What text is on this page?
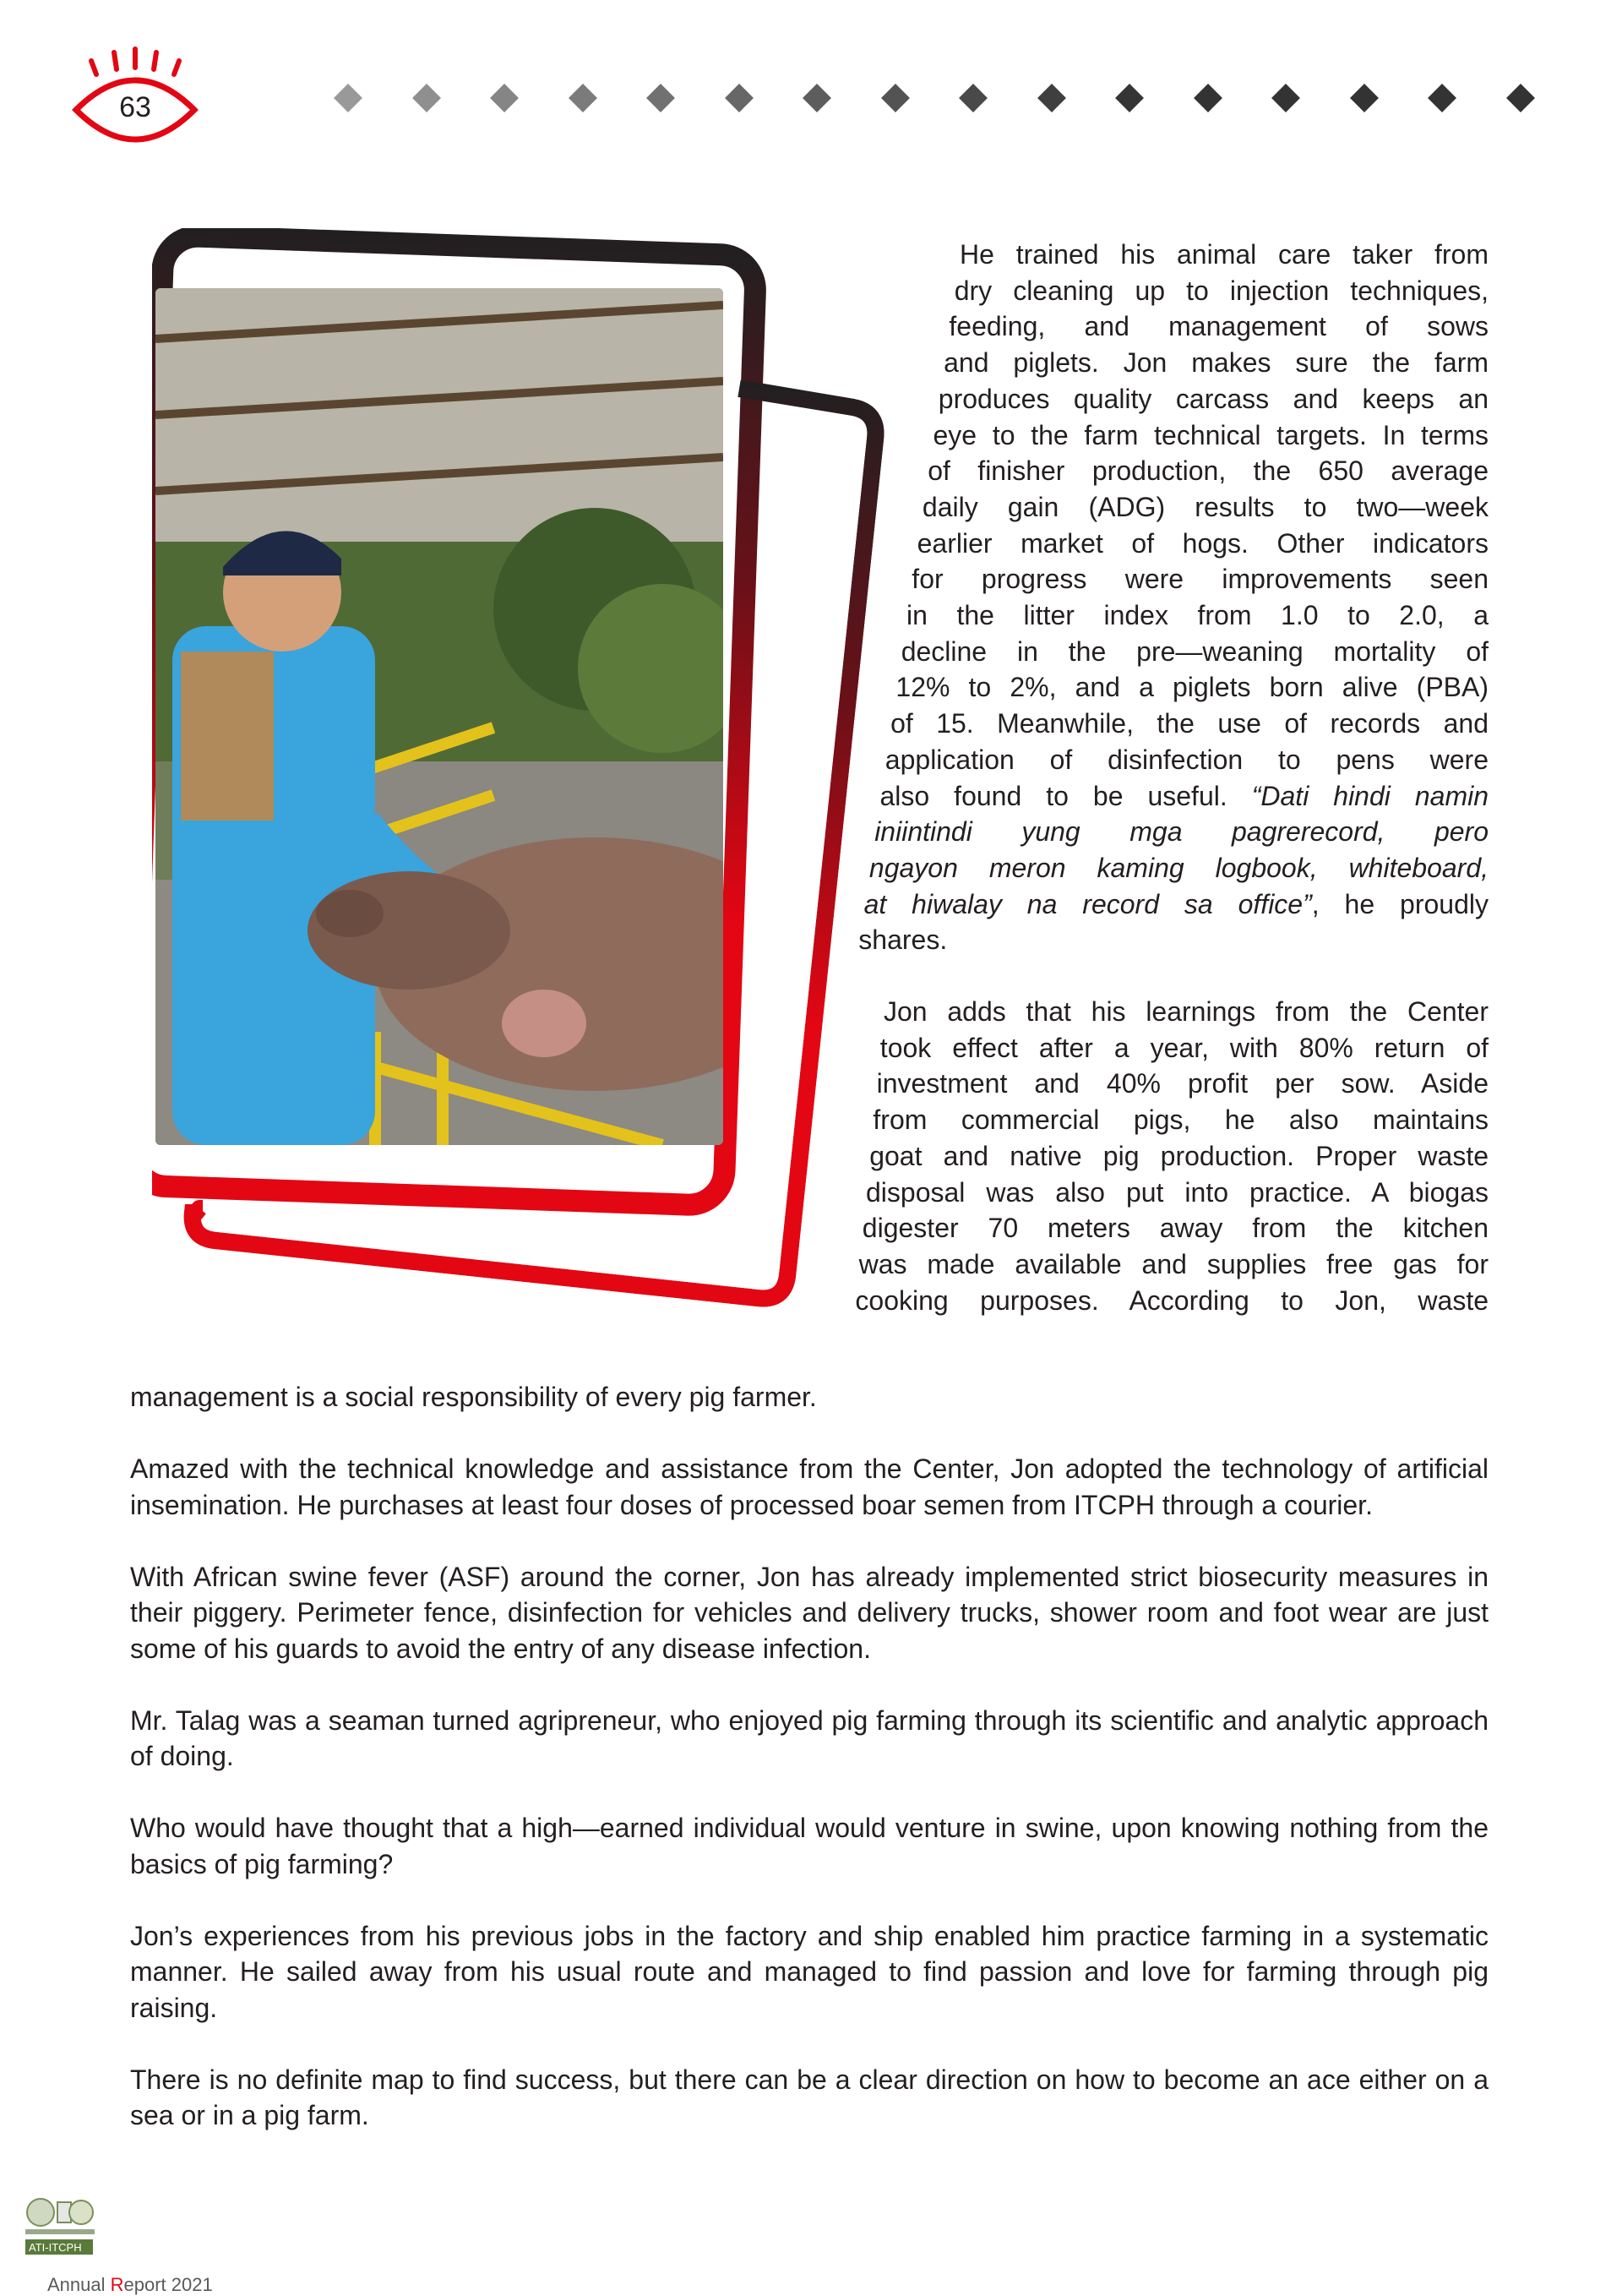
63

He trained his animal care taker from
dry cleaning up to injection techniques,
feeding, and management of sows
and piglets. Jon makes sure the farm
produces quality carcass and keeps an
eye to the farm technical targets. In terms
of finisher production, the 650 average
daily gain (ADG) results to two—week
earlier market of hogs. Other indicators
for progress were improvements seen
in the litter index from 1.0 to 2.0, a
decline in the pre—weaning mortality of
12% to 2%, and a piglets born alive (PBA)
of 15. Meanwhile, the use of records and
application of disinfection to pens were
also found to be useful. “Dati hindi namin
iniintindi yung mga pagrerecord, pero
ngayon meron kaming logbook, whiteboard,
at hiwalay na record sa office”, he proudly
shares.

Jon adds that his learnings from the Center
took effect after a year, with 80% return of
investment and 40% profit per sow. Aside
from commercial pigs, he also maintains
goat and native pig production. Proper waste
disposal was also put into practice. A biogas
digester 70 meters away from the kitchen
was made available and supplies free gas for
cooking purposes. According to Jon, waste

management is a social responsibility of every pig farmer.

Amazed with the technical knowledge and assistance from the Center, Jon adopted the technology of artificial insemination. He purchases at least four doses of processed boar semen from ITCPH through a courier.

With African swine fever (ASF) around the corner, Jon has already implemented strict biosecurity measures in their piggery. Perimeter fence, disinfection for vehicles and delivery trucks, shower room and foot wear are just some of his guards to avoid the entry of any disease infection.

Mr. Talag was a seaman turned agripreneur, who enjoyed pig farming through its scientific and analytic approach of doing.

Who would have thought that a high—earned individual would venture in swine, upon knowing nothing from the basics of pig farming?

Jon’s experiences from his previous jobs in the factory and ship enabled him practice farming in a systematic manner. He sailed away from his usual route and managed to find passion and love for farming through pig raising.

There is no definite map to find success, but there can be a clear direction on how to become an ace either on a sea or in a pig farm.

ATI-ITCPH
Annual Report 2021
